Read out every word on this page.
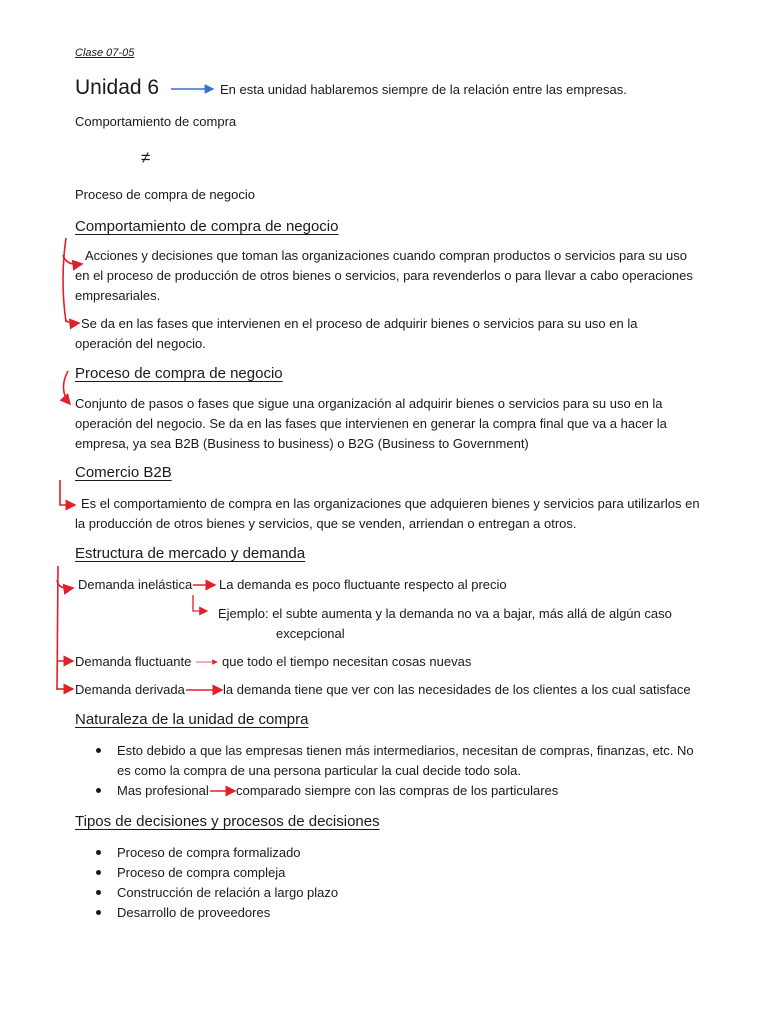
Clase 07-05
Unidad 6	En esta unidad hablaremos siempre de la relación entre las empresas.
Comportamiento de compra
≠
Proceso de compra de negocio
Comportamiento de compra de negocio
Acciones y decisiones que toman las organizaciones cuando compran productos o servicios para su uso en el proceso de producción de otros bienes o servicios, para revenderlos o para llevar a cabo operaciones empresariales.
Se da en las fases que intervienen en el proceso de adquirir bienes o servicios para su uso en la operación del negocio.
Proceso de compra de negocio
Conjunto de pasos o fases que sigue una organización al adquirir bienes o servicios para su uso en la operación del negocio. Se da en las fases que intervienen en generar la compra final que va a hacer la empresa, ya sea B2B (Business to business) o B2G (Business to Government)
Comercio B2B
Es el comportamiento de compra en las organizaciones que adquieren bienes y servicios para utilizarlos en la producción de otros bienes y servicios, que se venden, arriendan o entregan a otros.
Estructura de mercado y demanda
Demanda inelástica La demanda es poco fluctuante respecto al precio
Ejemplo: el subte aumenta y la demanda no va a bajar, más allá de algún caso
excepcional
Demanda fluctuante que todo el tiempo necesitan cosas nuevas
Demanda derivada	la demanda tiene que ver con las necesidades de los clientes a los cual satisface
Naturaleza de la unidad de compra
Esto debido a que las empresas tienen más intermediarios, necesitan de compras, finanzas, etc. No es como la compra de una persona particular la cual decide todo sola.
Mas profesional comparado siempre con las compras de los particulares
Tipos de decisiones y procesos de decisiones
Proceso de compra formalizado
Proceso de compra compleja
Construcción de relación a largo plazo
Desarrollo de proveedores
